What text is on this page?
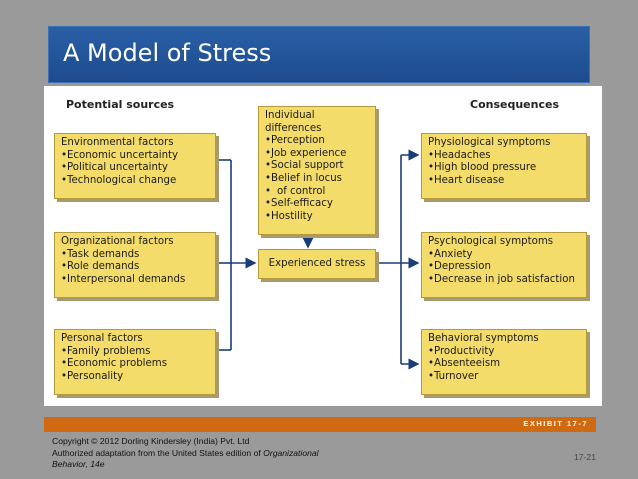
A Model of Stress
Potential sources	Consequences
Environmental factors
• Economic uncertainty
• Political uncertainty
• Technological change
Organizational factors
• Task demands
• Role demands
• Interpersonal demands
Personal factors
• Family problems
• Economic problems
• Personality
Individual differences
• Perception
• Job experience
• Social support
• Belief in locus
• of control
• Self-efficacy
• Hostility
Experienced stress
Physiological symptoms
• Headaches
• High blood pressure
• Heart disease
Psychological symptoms
• Anxiety
• Depression
• Decrease in job satisfaction
Behavioral symptoms
• Productivity
• Absenteeism
• Turnover
EXHIBIT 17-7
Copyright © 2012 Dorling Kindersley (India) Pvt. Ltd
Authorized adaptation from the United States edition of Organizational Behavior, 14e
17-21
